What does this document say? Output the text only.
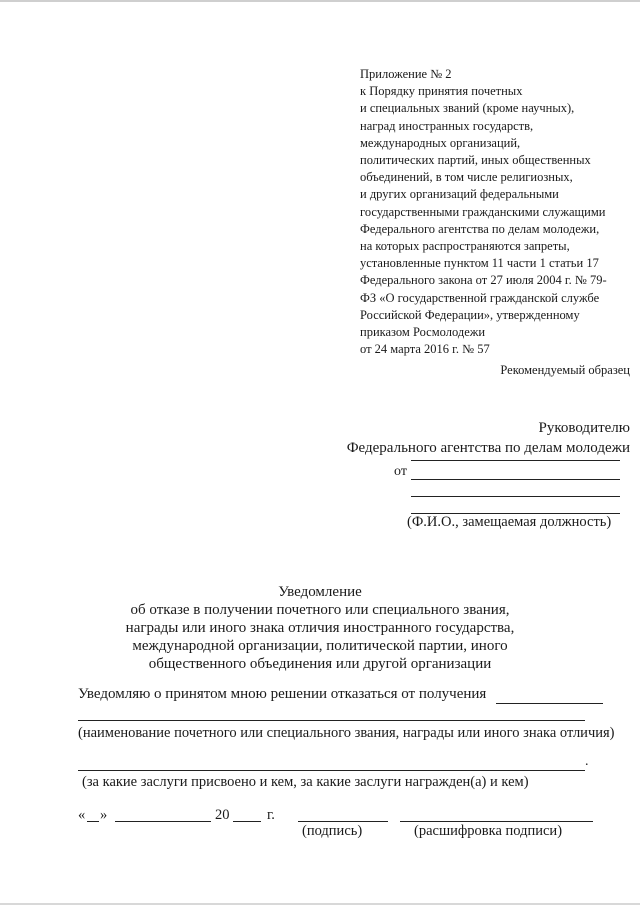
Приложение № 2
к Порядку принятия почетных
и специальных званий (кроме научных),
наград иностранных государств,
международных организаций,
политических партий, иных общественных
объединений, в том числе религиозных,
и других организаций федеральными
государственными гражданскими служащими
Федерального агентства по делам молодежи,
на которых распространяются запреты,
установленные пунктом 11 части 1 статьи 17
Федерального закона от 27 июля 2004 г. № 79-
ФЗ «О государственной гражданской службе
Российской Федерации», утвержденному
приказом Росмолодежи
от 24 марта 2016 г. № 57
Рекомендуемый образец
Руководителю
Федерального агентства по делам молодежи
от
(Ф.И.О., замещаемая должность)
Уведомление
об отказе в получении почетного или специального звания,
награды или иного знака отличия иностранного государства,
международной организации, политической партии, иного
общественного объединения или другой организации
Уведомляю о принятом мною решении отказаться от получения
(наименование почетного или специального звания, награды или иного знака отличия)
.
(за какие заслуги присвоено и кем, за какие заслуги награжден(а) и кем)
« »	20	г.
(подпись)	(расшифровка подписи)
